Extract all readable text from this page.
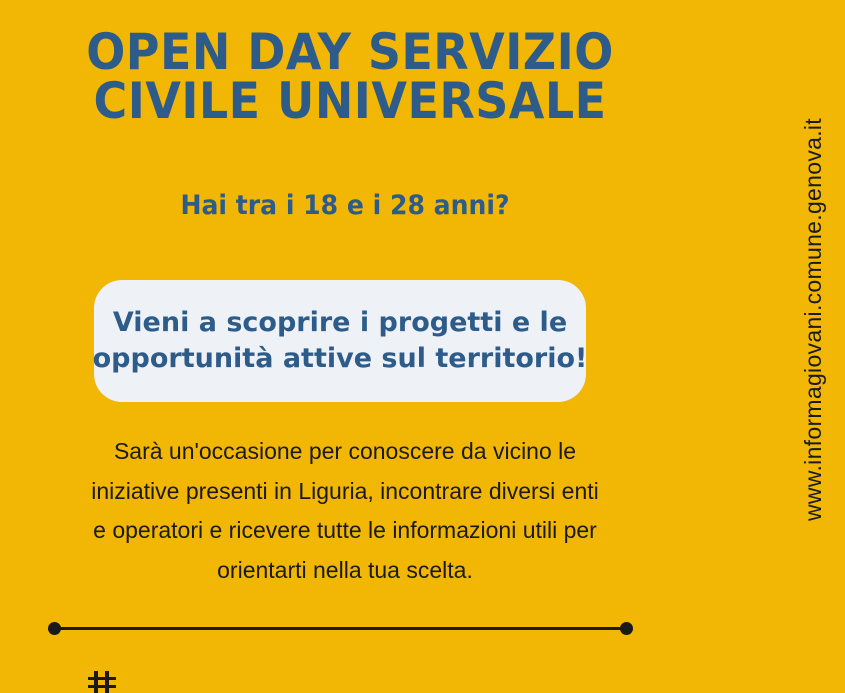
OPEN DAY SERVIZIO
CIVILE UNIVERSALE
Hai tra i 18 e i 28 anni?
Vieni a scoprire i progetti e le
opportunità attive sul territorio!
Sarà un'occasione per conoscere da vicino le
iniziative presenti in Liguria, incontrare diversi enti
e operatori e ricevere tutte le informazioni utili per
orientarti nella tua scelta.
www.informagiovani.comune.genova.it
